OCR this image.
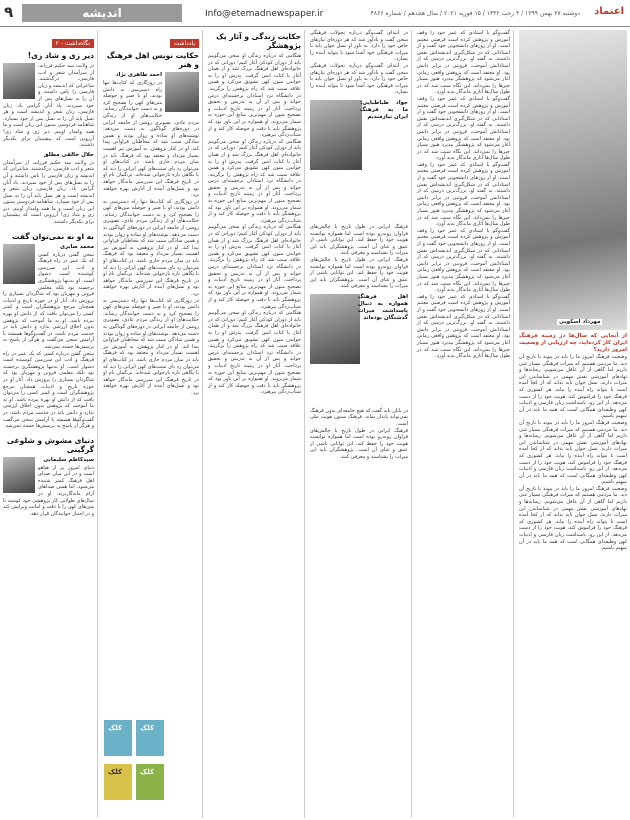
۹	اندیشه	Info@etemadnewspaper.ir	دوشنبه ۲۷ بهمن ۱۳۹۹ / ۳ رجب ۱۴۴۲ / ۱۵ فوریه ۲۰۲۱ / سال هجدهم / شماره ۴۸۶۶ اعتماد
نگاه‌داشت - ۲
دیر زی و شاد زی!
در ولایت سه حکیم فرزانه، از سرآمدان شعر و ادب فارسی، درگذشتند. شاعرانی که اندیشه و زبان فارسی را پاس داشتند و آن را به نسل‌های پس از خود سپردند. یاد آنان گرامی باد. زبان فارسی، زبان شعر و اندیشه است و هر نسل باید آن را به نسل پس از خود بسپارد. شاهنامه فردوسی ستون این زبان است و ما همه وامدار اوییم. دیر زی و شاد زی! آرزویی است که پیشینیان برای یکدیگر داشتند.
جلال خالقی مطلق
در ولایت سه حکیم فرزانه، از سرآمدان شعر و ادب فارسی، درگذشتند. شاعرانی که اندیشه و زبان فارسی را پاس داشتند و آن را به نسل‌های پس از خود سپردند. یاد آنان گرامی باد. زبان فارسی، زبان شعر و اندیشه است و هر نسل باید آن را به نسل پس از خود بسپارد. شاهنامه فردوسی ستون این زبان است و ما همه وامدار اوییم. دیر زی و شاد زی! آرزویی است که پیشینیان برای یکدیگر داشتند.
به او نه نمی‌توان گفت
محمد صابری
سخن گفتن درباره کسی که یک عمر در راه فرهنگ و ادب این سرزمین کوشیده است دشوار است. او نه‌تنها پژوهشگری برجسته بود بلکه معلمی فروتن و مهربان بود که شاگردان بسیاری را پرورش داد. آثار او در حوزه تاریخ و ادبیات همچنان مرجع پژوهشگران است و کمتر کسی را می‌توان یافت که از دانش او بهره نبرده باشد. او به ما آموخت که پژوهش بدون اخلاق ارزشی ندارد و دانش باید در خدمت مردم باشد. در گفت‌وگوها همیشه با آرامش سخن می‌گفت و هرگز از پاسخ به پرسش‌ها خسته نمی‌شد.
سخن گفتن درباره کسی که یک عمر در راه فرهنگ و ادب این سرزمین کوشیده است دشوار است. او نه‌تنها پژوهشگری برجسته بود بلکه معلمی فروتن و مهربان بود که شاگردان بسیاری را پرورش داد. آثار او در حوزه تاریخ و ادبیات همچنان مرجع پژوهشگران است و کمتر کسی را می‌توان یافت که از دانش او بهره نبرده باشد. او به ما آموخت که پژوهش بدون اخلاق ارزشی ندارد و دانش باید در خدمت مردم باشد. در گفت‌وگوها همیشه با آرامش سخن می‌گفت و هرگز از پاسخ به پرسش‌ها خسته نمی‌شد.
دنیای مشوش و شلوغی گرگینی
سیدکاظم سلیمانی
دنیای امروز پر از هیاهو است و در این میان صدای اهل فرهنگ کمتر شنیده می‌شود. اما همین صداهای آرام ماندگارترند. او در سال‌های طولانی کار پژوهشی خود کوشید تا متن‌های کهن را با دقت و امانت ویرایش کند و در اختیار خوانندگان قرار دهد.
یادداشت
حکایت نویس اهل فرهنگ و هنر
احمد طاهری نژاد
در روزگاری که کتاب‌ها تنها راه دسترسی به دانش بودند، او با صبر و حوصله متن‌های کهن را تصحیح کرد و به دست خوانندگان رساند. حکایت‌های او از زندگی مردم عادی، تصویری روشن از جامعه ایرانی در دوره‌های گوناگون به دست می‌دهد. نوشته‌های او ساده و روان بودند و همین سادگی سبب شد که مخاطبان فراوانی پیدا کند. او در کنار پژوهش، به آموزش نیز اهمیت بسیار می‌داد و معتقد بود که فرهنگ باید در میان مردم جاری باشد. در کتاب‌های او می‌توان رد پای سنت‌های کهن ایرانی را دید که با نگاهی تازه بازخوانی شده‌اند. بی‌گمان نام او در تاریخ فرهنگ این سرزمین ماندگار خواهد بود و نسل‌های آینده از آثارش بهره خواهند برد.
در روزگاری که کتاب‌ها تنها راه دسترسی به دانش بودند، او با صبر و حوصله متن‌های کهن را تصحیح کرد و به دست خوانندگان رساند. حکایت‌های او از زندگی مردم عادی، تصویری روشن از جامعه ایرانی در دوره‌های گوناگون به دست می‌دهد. نوشته‌های او ساده و روان بودند و همین سادگی سبب شد که مخاطبان فراوانی پیدا کند. او در کنار پژوهش، به آموزش نیز اهمیت بسیار می‌داد و معتقد بود که فرهنگ باید در میان مردم جاری باشد. در کتاب‌های او می‌توان رد پای سنت‌های کهن ایرانی را دید که با نگاهی تازه بازخوانی شده‌اند. بی‌گمان نام او در تاریخ فرهنگ این سرزمین ماندگار خواهد بود و نسل‌های آینده از آثارش بهره خواهند برد.
در روزگاری که کتاب‌ها تنها راه دسترسی به دانش بودند، او با صبر و حوصله متن‌های کهن را تصحیح کرد و به دست خوانندگان رساند. حکایت‌های او از زندگی مردم عادی، تصویری روشن از جامعه ایرانی در دوره‌های گوناگون به دست می‌دهد. نوشته‌های او ساده و روان بودند و همین سادگی سبب شد که مخاطبان فراوانی پیدا کند. او در کنار پژوهش، به آموزش نیز اهمیت بسیار می‌داد و معتقد بود که فرهنگ باید در میان مردم جاری باشد. در کتاب‌های او می‌توان رد پای سنت‌های کهن ایرانی را دید که با نگاهی تازه بازخوانی شده‌اند. بی‌گمان نام او در تاریخ فرهنگ این سرزمین ماندگار خواهد بود و نسل‌های آینده از آثارش بهره خواهند برد.
کلک	کلک
کلک	کلک
حکایت زندگی و آثار یک پژوهشگر
هنگامی که درباره زندگی او سخن می‌گوییم باید از دوران کودکی آغاز کنیم؛ دورانی که در خانواده‌ای اهل فرهنگ بزرگ شد و از همان آغاز با کتاب انس گرفت. پدرش او را به خواندن متون کهن تشویق می‌کرد و همین علاقه سبب شد که راه پژوهش را برگزیند. در دانشگاه نزد استادان برجسته‌ای درس خواند و پس از آن به تدریس و تحقیق پرداخت. آثار او در زمینه تاریخ ادبیات و تصحیح متون از مهم‌ترین منابع این حوزه به شمار می‌روند. او همواره بر این باور بود که پژوهشگر باید با دقت و حوصله کار کند و از شتاب‌زدگی بپرهیزد.
هنگامی که درباره زندگی او سخن می‌گوییم باید از دوران کودکی آغاز کنیم؛ دورانی که در خانواده‌ای اهل فرهنگ بزرگ شد و از همان آغاز با کتاب انس گرفت. پدرش او را به خواندن متون کهن تشویق می‌کرد و همین علاقه سبب شد که راه پژوهش را برگزیند. در دانشگاه نزد استادان برجسته‌ای درس خواند و پس از آن به تدریس و تحقیق پرداخت. آثار او در زمینه تاریخ ادبیات و تصحیح متون از مهم‌ترین منابع این حوزه به شمار می‌روند. او همواره بر این باور بود که پژوهشگر باید با دقت و حوصله کار کند و از شتاب‌زدگی بپرهیزد.
هنگامی که درباره زندگی او سخن می‌گوییم باید از دوران کودکی آغاز کنیم؛ دورانی که در خانواده‌ای اهل فرهنگ بزرگ شد و از همان آغاز با کتاب انس گرفت. پدرش او را به خواندن متون کهن تشویق می‌کرد و همین علاقه سبب شد که راه پژوهش را برگزیند. در دانشگاه نزد استادان برجسته‌ای درس خواند و پس از آن به تدریس و تحقیق پرداخت. آثار او در زمینه تاریخ ادبیات و تصحیح متون از مهم‌ترین منابع این حوزه به شمار می‌روند. او همواره بر این باور بود که پژوهشگر باید با دقت و حوصله کار کند و از شتاب‌زدگی بپرهیزد.
هنگامی که درباره زندگی او سخن می‌گوییم باید از دوران کودکی آغاز کنیم؛ دورانی که در خانواده‌ای اهل فرهنگ بزرگ شد و از همان آغاز با کتاب انس گرفت. پدرش او را به خواندن متون کهن تشویق می‌کرد و همین علاقه سبب شد که راه پژوهش را برگزیند. در دانشگاه نزد استادان برجسته‌ای درس خواند و پس از آن به تدریس و تحقیق پرداخت. آثار او در زمینه تاریخ ادبیات و تصحیح متون از مهم‌ترین منابع این حوزه به شمار می‌روند. او همواره بر این باور بود که پژوهشگر باید با دقت و حوصله کار کند و از شتاب‌زدگی بپرهیزد.
در ابتدای گفت‌وگو درباره تحولات فرهنگی سخن گفت و یادآور شد که هر دوره‌ای نیازهای خاص خود را دارد. به باور او نسل جوان باید با میراث فرهنگی خود آشنا شود تا بتواند آینده را بسازد.
در ابتدای گفت‌وگو درباره تحولات فرهنگی سخن گفت و یادآور شد که هر دوره‌ای نیازهای خاص خود را دارد. به باور او نسل جوان باید با میراث فرهنگی خود آشنا شود تا بتواند آینده را بسازد.
جواد طباطبایی: ما به فرهنگ ایران نیازمندیم
فرهنگ ایرانی در طول تاریخ با چالش‌های فراوان روبه‌رو بوده است اما همواره توانسته هویت خود را حفظ کند. این توانایی ناشی از عمق و غنای آن است. پژوهشگران باید این میراث را بشناسند و معرفی کنند.
فرهنگ ایرانی در طول تاریخ با چالش‌های فراوان روبه‌رو بوده است اما همواره توانسته هویت خود را حفظ کند. این توانایی ناشی از عمق و غنای آن است. پژوهشگران باید این میراث را بشناسند و معرفی کنند.
اهل فرهنگ همواره به دنبال پاسداشت میراث گذشتگان بوده‌اند
در پایان باید گفت که هیچ جامعه‌ای بدون فرهنگ نمی‌تواند پایدار بماند. فرهنگ ستون هویت ملی است.
فرهنگ ایرانی در طول تاریخ با چالش‌های فراوان روبه‌رو بوده است اما همواره توانسته هویت خود را حفظ کند. این توانایی ناشی از عمق و غنای آن است. پژوهشگران باید این میراث را بشناسند و معرفی کنند.
گفت‌وگو با استادی که عمر خود را وقف آموزش و پژوهش کرده است فرصتی مغتنم است. او از روزهای دانشجویی خود گفت و از استادانی که در شکل‌گیری اندیشه‌اش نقش داشتند. به گفته او، بزرگ‌ترین درسی که از استادانش آموخت، فروتنی در برابر دانش بود. او معتقد است که پژوهش واقعی زمانی آغاز می‌شود که پژوهشگر بپذیرد هنوز بسیار چیزها را نمی‌داند. این نگاه سبب شد که در طول سال‌ها آثاری ماندگار پدید آورد.
گفت‌وگو با استادی که عمر خود را وقف آموزش و پژوهش کرده است فرصتی مغتنم است. او از روزهای دانشجویی خود گفت و از استادانی که در شکل‌گیری اندیشه‌اش نقش داشتند. به گفته او، بزرگ‌ترین درسی که از استادانش آموخت، فروتنی در برابر دانش بود. او معتقد است که پژوهش واقعی زمانی آغاز می‌شود که پژوهشگر بپذیرد هنوز بسیار چیزها را نمی‌داند. این نگاه سبب شد که در طول سال‌ها آثاری ماندگار پدید آورد.
گفت‌وگو با استادی که عمر خود را وقف آموزش و پژوهش کرده است فرصتی مغتنم است. او از روزهای دانشجویی خود گفت و از استادانی که در شکل‌گیری اندیشه‌اش نقش داشتند. به گفته او، بزرگ‌ترین درسی که از استادانش آموخت، فروتنی در برابر دانش بود. او معتقد است که پژوهش واقعی زمانی آغاز می‌شود که پژوهشگر بپذیرد هنوز بسیار چیزها را نمی‌داند. این نگاه سبب شد که در طول سال‌ها آثاری ماندگار پدید آورد.
گفت‌وگو با استادی که عمر خود را وقف آموزش و پژوهش کرده است فرصتی مغتنم است. او از روزهای دانشجویی خود گفت و از استادانی که در شکل‌گیری اندیشه‌اش نقش داشتند. به گفته او، بزرگ‌ترین درسی که از استادانش آموخت، فروتنی در برابر دانش بود. او معتقد است که پژوهش واقعی زمانی آغاز می‌شود که پژوهشگر بپذیرد هنوز بسیار چیزها را نمی‌داند. این نگاه سبب شد که در طول سال‌ها آثاری ماندگار پدید آورد.
گفت‌وگو با استادی که عمر خود را وقف آموزش و پژوهش کرده است فرصتی مغتنم است. او از روزهای دانشجویی خود گفت و از استادانی که در شکل‌گیری اندیشه‌اش نقش داشتند. به گفته او، بزرگ‌ترین درسی که از استادانش آموخت، فروتنی در برابر دانش بود. او معتقد است که پژوهش واقعی زمانی آغاز می‌شود که پژوهشگر بپذیرد هنوز بسیار چیزها را نمی‌داند. این نگاه سبب شد که در طول سال‌ها آثاری ماندگار پدید آورد.
مهرداد اسکویی
از آنجایی که سال‌ها در زمینه فرهنگ ایران کار کرده‌اید، چه ارزیابی از وضعیت امروز دارید؟
وضعیت فرهنگ امروز ما را باید در پیوند با تاریخ آن دید. ما مردمی هستیم که میراث فرهنگی بسیار غنی داریم اما گاهی از آن غافل می‌شویم. رسانه‌ها و نهادهای آموزشی نقش مهمی در شناساندن این میراث دارند. نسل جوان باید بداند که از کجا آمده است تا بتواند راه آینده را بیابد. هر کشوری که فرهنگ خود را فراموش کند، هویت خود را از دست می‌دهد. از این رو، پاسداشت زبان فارسی و ادبیات کهن وظیفه‌ای همگانی است که همه ما باید در آن سهیم باشیم.
وضعیت فرهنگ امروز ما را باید در پیوند با تاریخ آن دید. ما مردمی هستیم که میراث فرهنگی بسیار غنی داریم اما گاهی از آن غافل می‌شویم. رسانه‌ها و نهادهای آموزشی نقش مهمی در شناساندن این میراث دارند. نسل جوان باید بداند که از کجا آمده است تا بتواند راه آینده را بیابد. هر کشوری که فرهنگ خود را فراموش کند، هویت خود را از دست می‌دهد. از این رو، پاسداشت زبان فارسی و ادبیات کهن وظیفه‌ای همگانی است که همه ما باید در آن سهیم باشیم.
وضعیت فرهنگ امروز ما را باید در پیوند با تاریخ آن دید. ما مردمی هستیم که میراث فرهنگی بسیار غنی داریم اما گاهی از آن غافل می‌شویم. رسانه‌ها و نهادهای آموزشی نقش مهمی در شناساندن این میراث دارند. نسل جوان باید بداند که از کجا آمده است تا بتواند راه آینده را بیابد. هر کشوری که فرهنگ خود را فراموش کند، هویت خود را از دست می‌دهد. از این رو، پاسداشت زبان فارسی و ادبیات کهن وظیفه‌ای همگانی است که همه ما باید در آن سهیم باشیم.
